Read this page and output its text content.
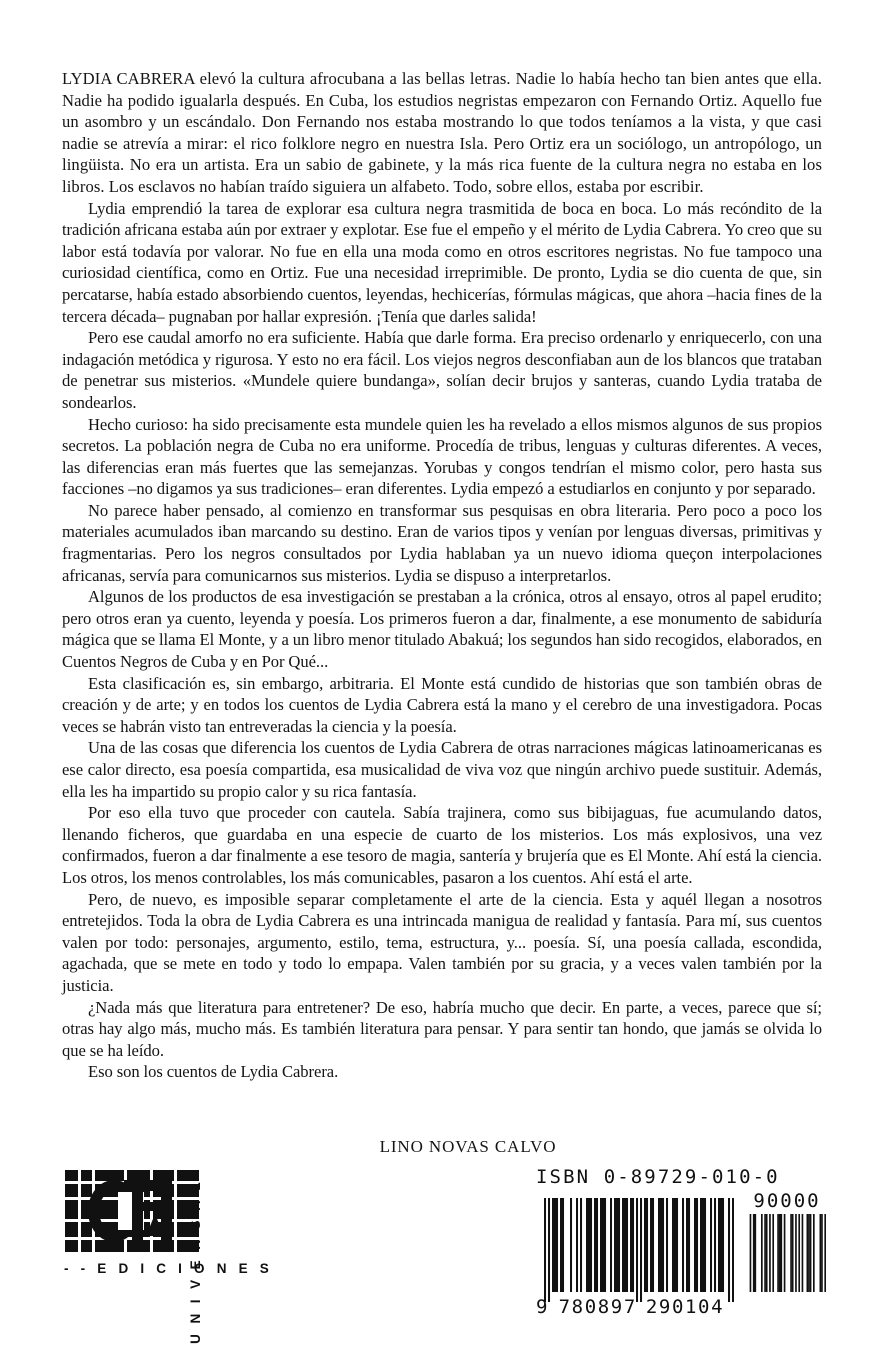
LYDIA CABRERA elevó la cultura afrocubana a las bellas letras. Nadie lo había hecho tan bien antes que ella. Nadie ha podido igualarla después. En Cuba, los estudios negristas empezaron con Fernando Ortiz. Aquello fue un asombro y un escándalo. Don Fernando nos estaba mostrando lo que todos teníamos a la vista, y que casi nadie se atrevía a mirar: el rico folklore negro en nuestra Isla. Pero Ortiz era un sociólogo, un antropólogo, un lingüista. No era un artista. Era un sabio de gabinete, y la más rica fuente de la cultura negra no estaba en los libros. Los esclavos no habían traído siguiera un alfabeto. Todo, sobre ellos, estaba por escribir.

Lydia emprendió la tarea de explorar esa cultura negra trasmitida de boca en boca. Lo más recóndito de la tradición africana estaba aún por extraer y explotar. Ese fue el empeño y el mérito de Lydia Cabrera. Yo creo que su labor está todavía por valorar. No fue en ella una moda como en otros escritores negristas. No fue tampoco una curiosidad científica, como en Ortiz. Fue una necesidad irreprimible. De pronto, Lydia se dio cuenta de que, sin percatarse, había estado absorbiendo cuentos, leyendas, hechicerías, fórmulas mágicas, que ahora –hacia fines de la tercera década– pugnaban por hallar expresión. ¡Tenía que darles salida!

Pero ese caudal amorfo no era suficiente. Había que darle forma. Era preciso ordenarlo y enriquecerlo, con una indagación metódica y rigurosa. Y esto no era fácil. Los viejos negros desconfiaban aun de los blancos que trataban de penetrar sus misterios. «Mundele quiere bundanga», solían decir brujos y santeras, cuando Lydia trataba de sondearlos.

Hecho curioso: ha sido precisamente esta mundele quien les ha revelado a ellos mismos algunos de sus propios secretos. La población negra de Cuba no era uniforme. Procedía de tribus, lenguas y culturas diferentes. A veces, las diferencias eran más fuertes que las semejanzas. Yorubas y congos tendrían el mismo color, pero hasta sus facciones –no digamos ya sus tradiciones– eran diferentes. Lydia empezó a estudiarlos en conjunto y por separado.

No parece haber pensado, al comienzo en transformar sus pesquisas en obra literaria. Pero poco a poco los materiales acumulados iban marcando su destino. Eran de varios tipos y venían por lenguas diversas, primitivas y fragmentarias. Pero los negros consultados por Lydia hablaban ya un nuevo idioma queçon interpolaciones africanas, servía para comunicarnos sus misterios. Lydia se dispuso a interpretarlos.

Algunos de los productos de esa investigación se prestaban a la crónica, otros al ensayo, otros al papel erudito; pero otros eran ya cuento, leyenda y poesía. Los primeros fueron a dar, finalmente, a ese monumento de sabiduría mágica que se llama El Monte, y a un libro menor titulado Abakuá; los segundos han sido recogidos, elaborados, en Cuentos Negros de Cuba y en Por Qué...

Esta clasificación es, sin embargo, arbitraria. El Monte está cundido de historias que son también obras de creación y de arte; y en todos los cuentos de Lydia Cabrera está la mano y el cerebro de una investigadora. Pocas veces se habrán visto tan entreveradas la ciencia y la poesía.

Una de las cosas que diferencia los cuentos de Lydia Cabrera de otras narraciones mágicas latinoamericanas es ese calor directo, esa poesía compartida, esa musicalidad de viva voz que ningún archivo puede sustituir. Además, ella les ha impartido su propio calor y su rica fantasía.

Por eso ella tuvo que proceder con cautela. Sabía trajinera, como sus bibijaguas, fue acumulando datos, llenando ficheros, que guardaba en una especie de cuarto de los misterios. Los más explosivos, una vez confirmados, fueron a dar finalmente a ese tesoro de magia, santería y brujería que es El Monte. Ahí está la ciencia. Los otros, los menos controlables, los más comunicables, pasaron a los cuentos. Ahí está el arte.

Pero, de nuevo, es imposible separar completamente el arte de la ciencia. Esta y aquél llegan a nosotros entretejidos. Toda la obra de Lydia Cabrera es una intrincada manigua de realidad y fantasía. Para mí, sus cuentos valen por todo: personajes, argumento, estilo, tema, estructura, y... poesía. Sí, una poesía callada, escondida, agachada, que se mete en todo y todo lo empapa. Valen también por su gracia, y a veces valen también por la justicia.

¿Nada más que literatura para entretener? De eso, habría mucho que decir. En parte, a veces, parece que sí; otras hay algo más, mucho más. Es también literatura para pensar. Y para sentir tan hondo, que jamás se olvida lo que se ha leído.

Eso son los cuentos de Lydia Cabrera.

LINO NOVAS CALVO
- - E D I C I O N E S
U N I V E R S A L
ISBN 0-89729-010-0
90000
9 780897 290104
